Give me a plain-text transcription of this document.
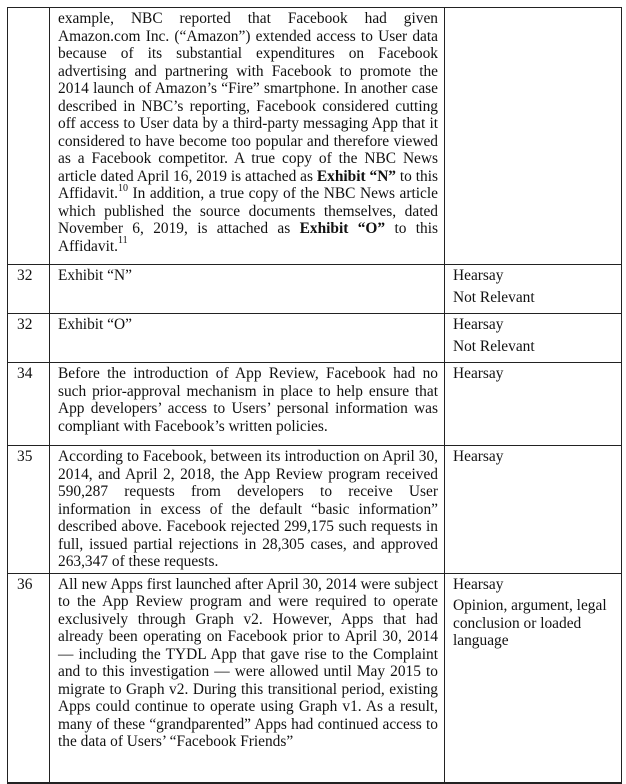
	example, NBC reported that Facebook had given Amazon.com Inc. (“Amazon”) extended access to User data because of its substantial expenditures on Facebook advertising and partnering with Facebook to promote the 2014 launch of Amazon’s “Fire” smartphone. In another case described in NBC’s reporting, Facebook considered cutting off access to User data by a third-party messaging App that it considered to have become too popular and therefore viewed as a Facebook competitor. A true copy of the NBC News article dated April 16, 2019 is attached as Exhibit “N” to this Affidavit.$^{10}$ In addition, a true copy of the NBC News article which published the source documents themselves, dated November 6, 2019, is attached as Exhibit “O” to this Affidavit.$^{11}$	
32	Exhibit “N”	Hearsay
Not Relevant

32	Exhibit “O”	Hearsay
Not Relevant

34	Before the introduction of App Review, Facebook had no such prior-approval mechanism in place to help ensure that App developers’ access to Users’ personal information was compliant with Facebook’s written policies.	Hearsay

35	According to Facebook, between its introduction on April 30, 2014, and April 2, 2018, the App Review program received 590,287 requests from developers to receive User information in excess of the default “basic information” described above. Facebook rejected 299,175 such requests in full, issued partial rejections in 28,305 cases, and approved 263,347 of these requests.	Hearsay

36	All new Apps first launched after April 30, 2014 were subject to the App Review program and were required to operate exclusively through Graph v2. However, Apps that had already been operating on Facebook prior to April 30, 2014 — including the TYDL App that gave rise to the Complaint and to this investigation — were allowed until May 2015 to migrate to Graph v2. During this transitional period, existing Apps could continue to operate using Graph v1. As a result, many of these “grandparented” Apps had continued access to the data of Users’ “Facebook Friends”	Hearsay
Opinion, argument, legal conclusion or loaded language
